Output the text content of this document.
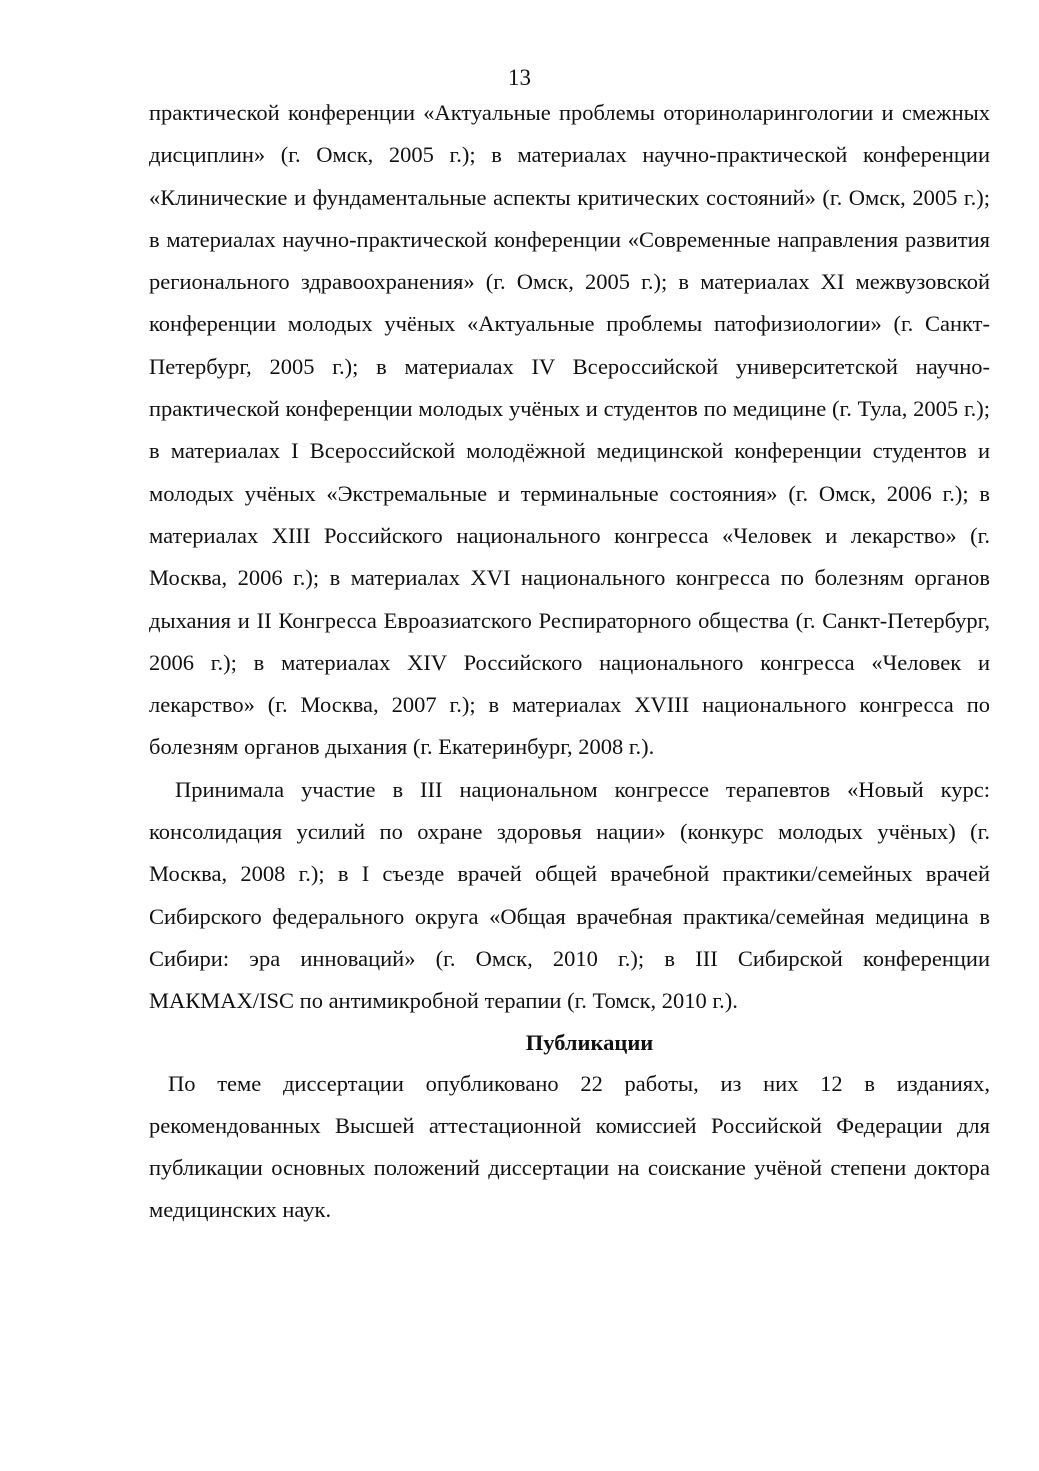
13

практической конференции «Актуальные проблемы оториноларингологии и смежных дисциплин» (г. Омск, 2005 г.); в материалах научно-практической конференции «Клинические и фундаментальные аспекты критических состояний» (г. Омск, 2005 г.); в материалах научно-практической конференции «Современные направления развития регионального здравоохранения» (г. Омск, 2005 г.); в материалах XI межвузовской конференции молодых учёных «Актуальные проблемы патофизиологии» (г. Санкт-Петербург, 2005 г.); в материалах IV Всероссийской университетской научно-практической конференции молодых учёных и студентов по медицине (г. Тула, 2005 г.); в материалах I Всероссийской молодёжной медицинской конференции студентов и молодых учёных «Экстремальные и терминальные состояния» (г. Омск, 2006 г.); в материалах XIII Российского национального конгресса «Человек и лекарство» (г. Москва, 2006 г.); в материалах XVI национального конгресса по болезням органов дыхания и II Конгресса Евроазиатского Респираторного общества (г. Санкт-Петербург, 2006 г.); в материалах XIV Российского национального конгресса «Человек и лекарство» (г. Москва, 2007 г.); в материалах XVIII национального конгресса по болезням органов дыхания (г. Екатеринбург, 2008 г.).

Принимала участие в III национальном конгрессе терапевтов «Новый курс: консолидация усилий по охране здоровья нации» (конкурс молодых учёных) (г. Москва, 2008 г.); в I съезде врачей общей врачебной практики/семейных врачей Сибирского федерального округа «Общая врачебная практика/семейная медицина в Сибири: эра инноваций» (г. Омск, 2010 г.); в III Сибирской конференции МАКМАХ/ISC по антимикробной терапии (г. Томск, 2010 г.).

Публикации

По теме диссертации опубликовано 22 работы, из них 12 в изданиях, рекомендованных Высшей аттестационной комиссией Российской Федерации для публикации основных положений диссертации на соискание учёной степени доктора медицинских наук.
